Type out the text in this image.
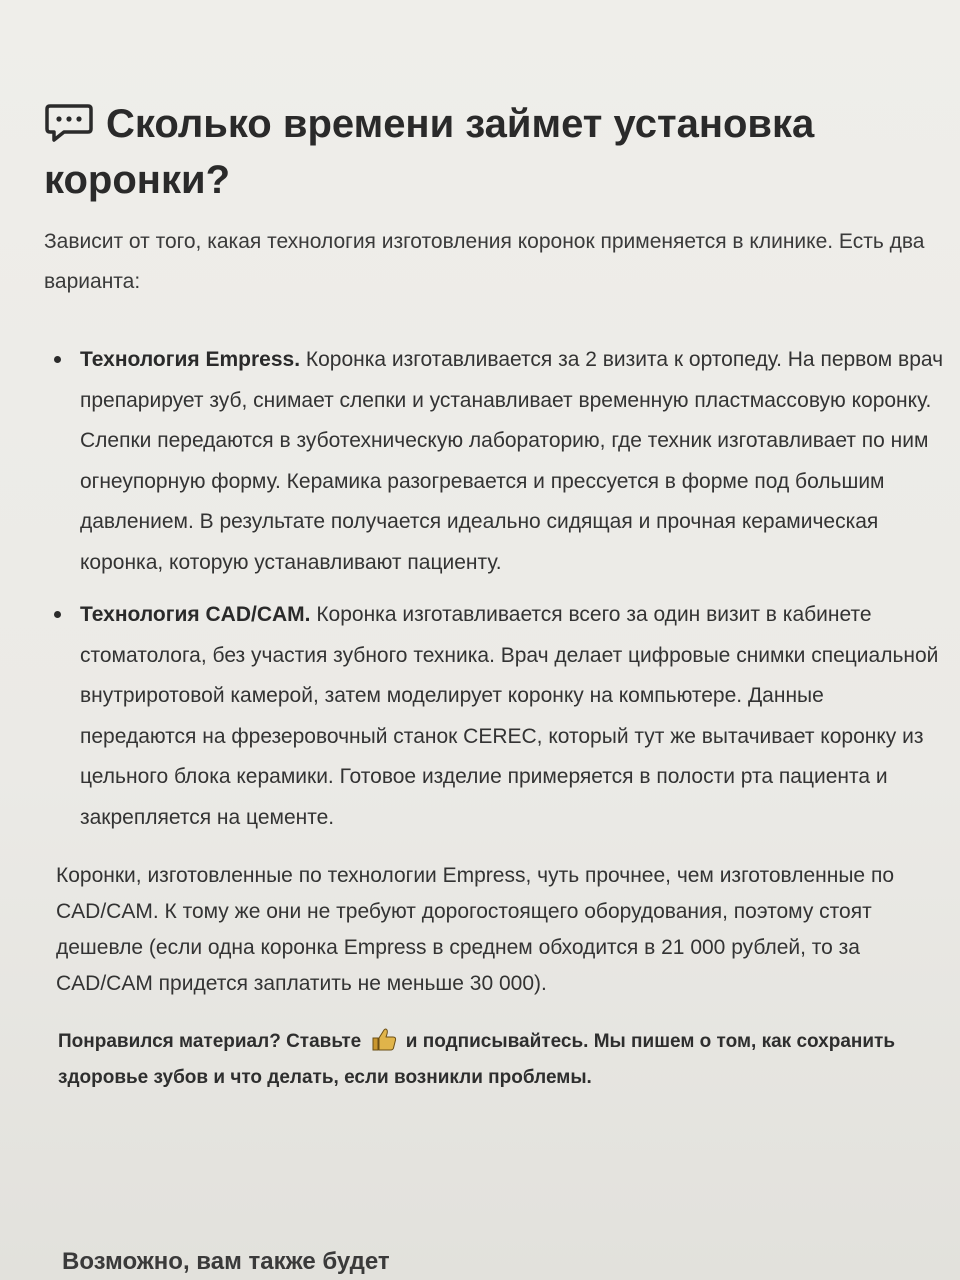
Сколько времени займет установка коронки?

Зависит от того, какая технология изготовления коронок применяется в клинике. Есть два варианта:

Технология Empress. Коронка изготавливается за 2 визита к ортопеду. На первом врач препарирует зуб, снимает слепки и устанавливает временную пластмассовую коронку. Слепки передаются в зуботехническую лабораторию, где техник изготавливает по ним огнеупорную форму. Керамика разогревается и прессуется в форме под большим давлением. В результате получается идеально сидящая и прочная керамическая коронка, которую устанавливают пациенту.
Технология CAD/CAM. Коронка изготавливается всего за один визит в кабинете стоматолога, без участия зубного техника. Врач делает цифровые снимки специальной внутриротовой камерой, затем моделирует коронку на компьютере. Данные передаются на фрезеровочный станок CEREC, который тут же вытачивает коронку из цельного блока керамики. Готовое изделие примеряется в полости рта пациента и закрепляется на цементе.

Коронки, изготовленные по технологии Empress, чуть прочнее, чем изготовленные по CAD/CAM. К тому же они не требуют дорогостоящего оборудования, поэтому стоят дешевле (если одна коронка Empress в среднем обходится в 21 000 рублей, то за CAD/CAM придется заплатить не меньше 30 000).

Понравился материал? Ставьте и подписывайтесь. Мы пишем о том, как сохранить здоровье зубов и что делать, если возникли проблемы.

Возможно, вам также будет
